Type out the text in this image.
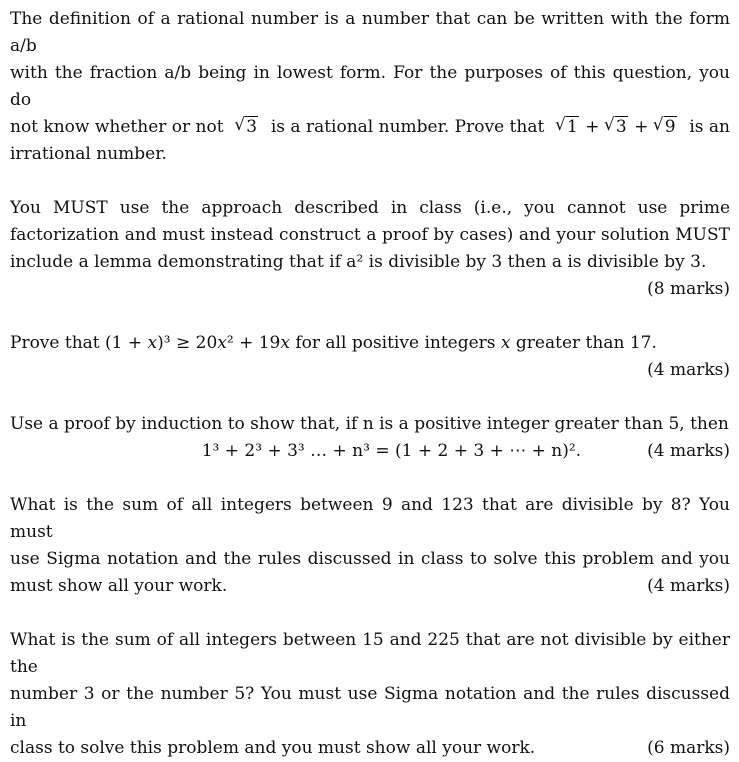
The definition of a rational number is a number that can be written with the form a/b
with the fraction a/b being in lowest form. For the purposes of this question, you do
not know whether or not	√ 3 is a rational number. Prove that	√ 1 + √ 3 + √ 9 is an
irrational number.
You MUST use the approach described in class (i.e., you cannot use prime
factorization and must instead construct a proof by cases) and your solution MUST
include a lemma demonstrating that if a² is divisible by 3 then a is divisible by 3.
(8 marks)
Prove that (1 + x)³ ≥ 20x² + 19x for all positive integers x greater than 17.
(4 marks)
Use a proof by induction to show that, if n is a positive integer greater than 5, then
1³ + 2³ + 3³ … + n³ = (1 + 2 + 3 + ⋯ + n)².	(4 marks)
What is the sum of all integers between 9 and 123 that are divisible by 8? You must
use Sigma notation and the rules discussed in class to solve this problem and you
must show all your work.	(4 marks)
What is the sum of all integers between 15 and 225 that are not divisible by either the
number 3 or the number 5? You must use Sigma notation and the rules discussed in
class to solve this problem and you must show all your work.	(6 marks)
